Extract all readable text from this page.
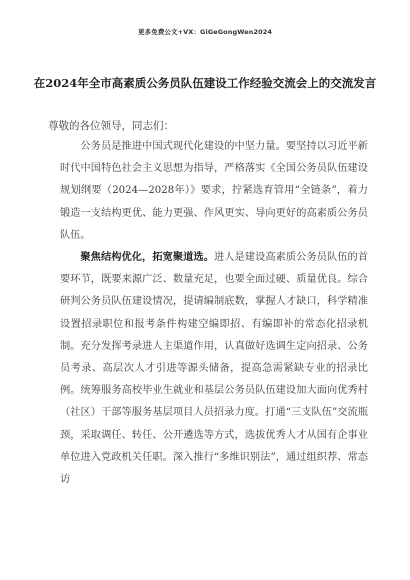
更多免费公文+VX：GiGeGongWen2024
在2024年全市高素质公务员队伍建设工作经验交流会上的交流发言
尊敬的各位领导，同志们：

公务员是推进中国式现代化建设的中坚力量。要坚持以习近平新时代中国特色社会主义思想为指导，严格落实《全国公务员队伍建设规划纲要（2024—2028年）》要求，拧紧选育管用“全链条”，着力锻造一支结构更优、能力更强、作风更实、导向更好的高素质公务员队伍。

聚焦结构优化，拓宽聚道选。进人是建设高素质公务员队伍的首要环节，既要来源广泛、数量充足，也要全面过硬、质量优良。综合研判公务员队伍建设情况，提请编制底数，掌握人才缺口，科学精准设置招录职位和报考条件构建空编即招、有编即补的常态化招录机制。充分发挥考录进人主渠道作用，认真做好选调生定向招录、公务员考录、高层次人才引进等源头储备，提高急需紧缺专业的招录比例。统筹服务高校毕业生就业和基层公务员队伍建设加大面向优秀村（社区）干部等服务基层项目人员招录力度。打通“三支队伍”交流瓶颈，采取调任、转任、公开遴选等方式，选拔优秀人才从国有企事业单位进入党政机关任职。深入推行“多维识别法”，通过组织荐、常态访
